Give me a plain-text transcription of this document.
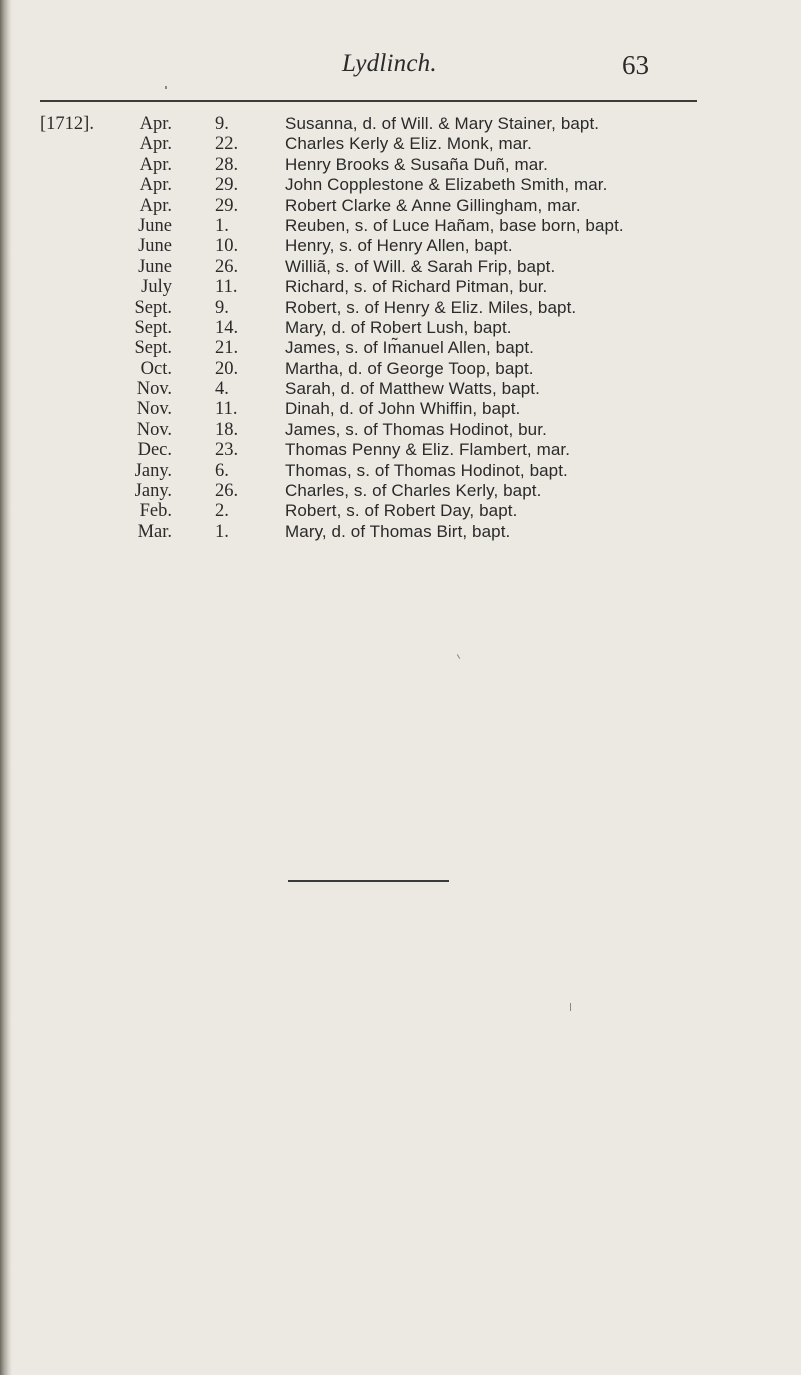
Lydlinch.	63
[1712].	Apr. 9.	Susanna, d. of Will. & Mary Stainer, bapt.
Apr. 22.	Charles Kerly & Eliz. Monk, mar.
Apr. 28.	Henry Brooks & Susaña Duñ, mar.
Apr. 29.	John Copplestone & Elizabeth Smith, mar.
Apr. 29.	Robert Clarke & Anne Gillingham, mar.
June 1.	Reuben, s. of Luce Hañam, base born, bapt.
June 10.	Henry, s. of Henry Allen, bapt.
June 26.	Williã, s. of Will. & Sarah Frip, bapt.
July 11.	Richard, s. of Richard Pitman, bur.
Sept. 9.	Robert, s. of Henry & Eliz. Miles, bapt.
Sept. 14.	Mary, d. of Robert Lush, bapt.
Sept. 21.	James, s. of Im̃anuel Allen, bapt.
Oct. 20.	Martha, d. of George Toop, bapt.
Nov. 4.	Sarah, d. of Matthew Watts, bapt.
Nov. 11.	Dinah, d. of John Whiffin, bapt.
Nov. 18.	James, s. of Thomas Hodinot, bur.
Dec. 23.	Thomas Penny & Eliz. Flambert, mar.
Jany. 6.	Thomas, s. of Thomas Hodinot, bapt.
Jany. 26.	Charles, s. of Charles Kerly, bapt.
Feb. 2.	Robert, s. of Robert Day, bapt.
Mar. 1.	Mary, d. of Thomas Birt, bapt.
